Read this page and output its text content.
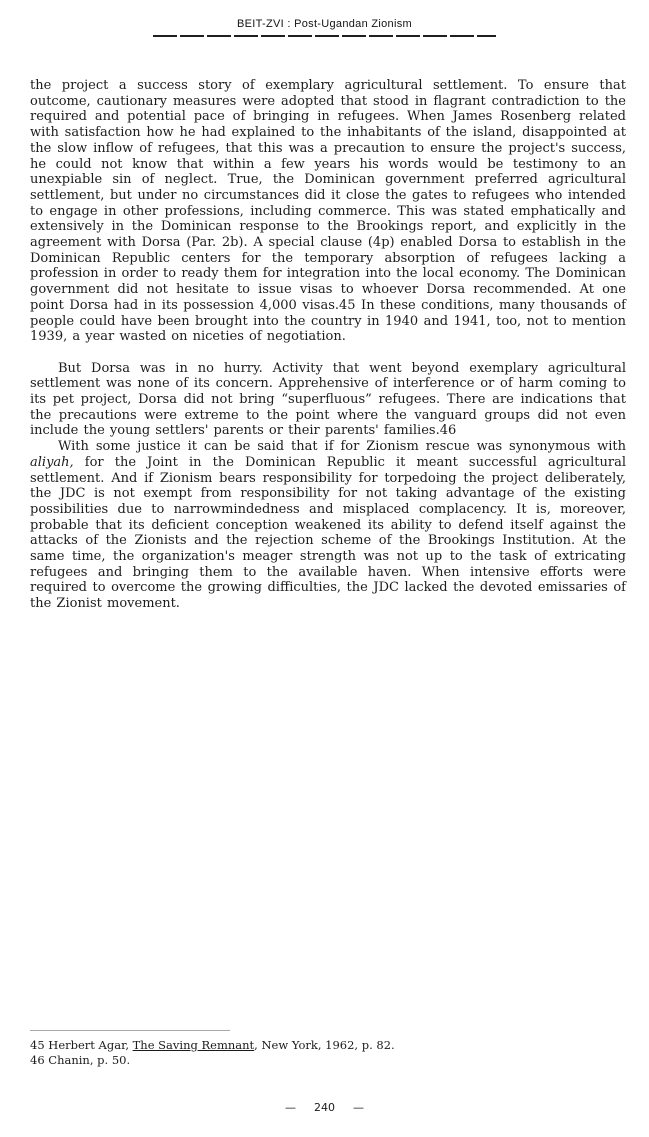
BEIT-ZVI : Post-Ugandan Zionism

the project a success story of exemplary agricultural settlement. To ensure that outcome, cautionary measures were adopted that stood in flagrant contradiction to the required and potential pace of bringing in refugees. When James Rosenberg related with satisfaction how he had explained to the inhabitants of the island, disappointed at the slow inflow of refugees, that this was a precaution to ensure the project's success, he could not know that within a few years his words would be testimony to an unexpiable sin of neglect. True, the Dominican government preferred agricultural settlement, but under no circumstances did it close the gates to refugees who intended to engage in other professions, including commerce. This was stated emphatically and extensively in the Dominican response to the Brookings report, and explicitly in the agreement with Dorsa (Par. 2b). A special clause (4p) enabled Dorsa to establish in the Dominican Republic centers for the temporary absorption of refugees lacking a profession in order to ready them for integration into the local economy. The Dominican government did not hesitate to issue visas to whoever Dorsa recommended. At one point Dorsa had in its possession 4,000 visas.45 In these conditions, many thousands of people could have been brought into the country in 1940 and 1941, too, not to mention 1939, a year wasted on niceties of negotiation.

But Dorsa was in no hurry. Activity that went beyond exemplary agricultural settlement was none of its concern. Apprehensive of interference or of harm coming to its pet project, Dorsa did not bring “superfluous” refugees. There are indications that the precautions were extreme to the point where the vanguard groups did not even include the young settlers' parents or their parents' families.46

With some justice it can be said that if for Zionism rescue was synonymous with aliyah, for the Joint in the Dominican Republic it meant successful agricultural settlement. And if Zionism bears responsibility for torpedoing the project deliberately, the JDC is not exempt from responsibility for not taking advantage of the existing possibilities due to narrowmindedness and misplaced complacency. It is, moreover, probable that its deficient conception weakened its ability to defend itself against the attacks of the Zionists and the rejection scheme of the Brookings Institution. At the same time, the organization's meager strength was not up to the task of extricating refugees and bringing them to the available haven. When intensive efforts were required to overcome the growing difficulties, the JDC lacked the devoted emissaries of the Zionist movement.

45 Herbert Agar, The Saving Remnant, New York, 1962, p. 82.
46 Chanin, p. 50.
— 240 —
